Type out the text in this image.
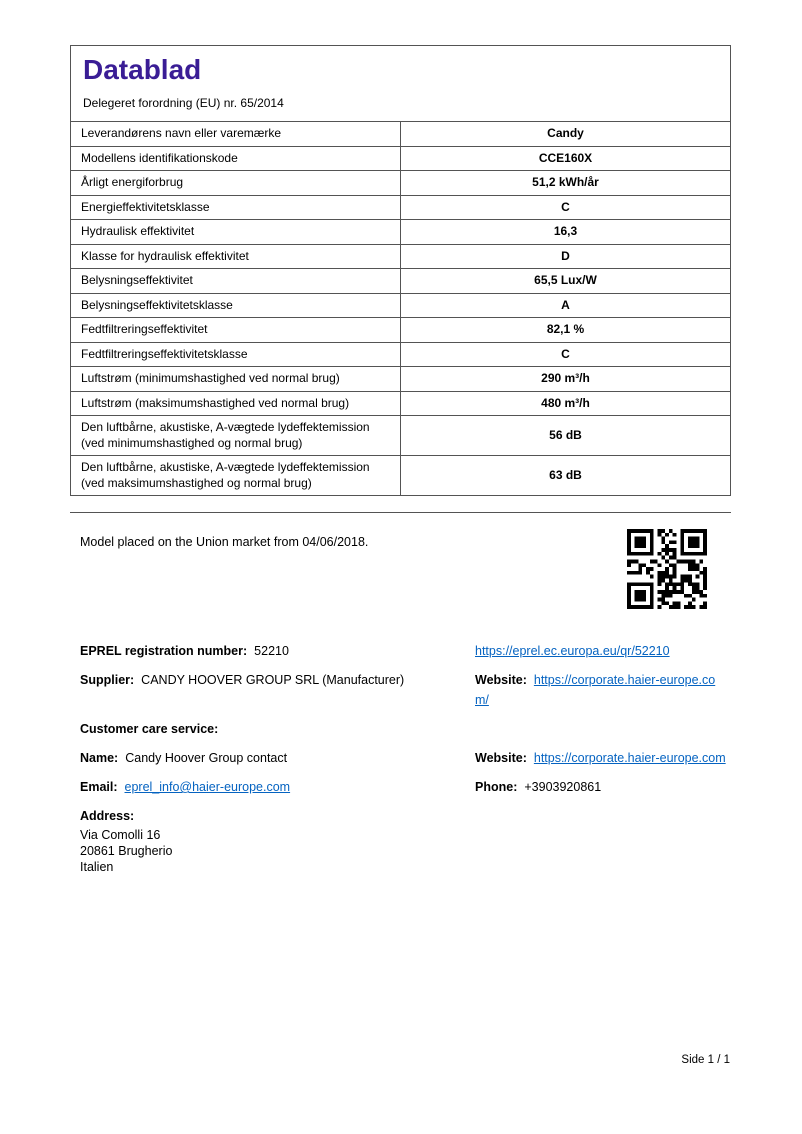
Datablad
Delegeret forordning (EU) nr. 65/2014
Leverandørens navn eller varemærke	Candy
Modellens identifikationskode	CCE160X
Årligt energiforbrug	51,2 kWh/år
Energieffektivitetsklasse	C
Hydraulisk effektivitet	16,3
Klasse for hydraulisk effektivitet	D
Belysningseffektivitet	65,5 Lux/W
Belysningseffektivitetsklasse	A
Fedtfiltreringseffektivitet	82,1 %
Fedtfiltreringseffektivitetsklasse	C
Luftstrøm (minimumshastighed ved normal brug)	290 m³/h
Luftstrøm (maksimumshastighed ved normal brug)	480 m³/h
Den luftbårne, akustiske, A-vægtede lydeffektemission (ved minimumshastighed og normal brug)	56 dB
Den luftbårne, akustiske, A-vægtede lydeffektemission (ved maksimumshastighed og normal brug)	63 dB
Model placed on the Union market from 04/06/2018.
EPREL registration number: 52210	https://eprel.ec.europa.eu/qr/52210
Supplier: CANDY HOOVER GROUP SRL (Manufacturer)	Website: https://corporate.haier-europe.com/
Customer care service:
Name: Candy Hoover Group contact	Website: https://corporate.haier-europe.com
Email: eprel_info@haier-europe.com	Phone: +3903920861
Address:
Via Comolli 16
20861 Brugherio
Italien
Side 1 / 1
